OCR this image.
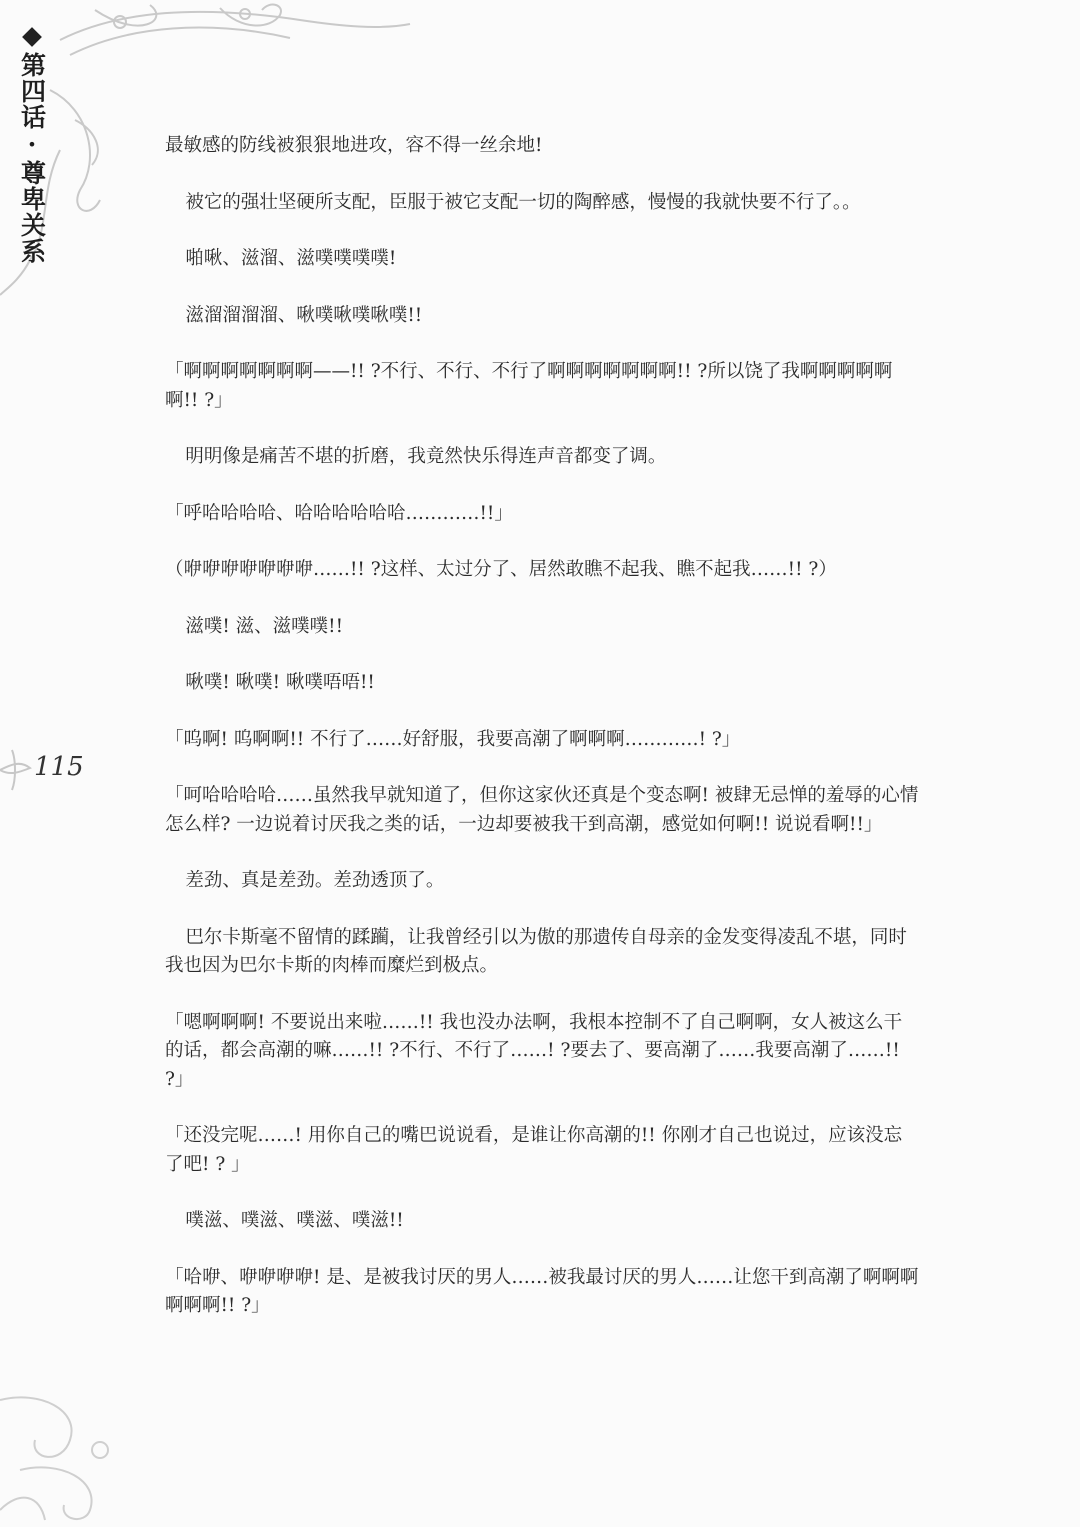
第四话·尊卑关系
115

最敏感的防线被狠狠地进攻，容不得一丝余地!

被它的强壮坚硬所支配，臣服于被它支配一切的陶醉感，慢慢的我就快要不行了。。

啪啾、滋溜、滋噗噗噗噗!

滋溜溜溜溜、啾噗啾噗啾噗!!

「啊啊啊啊啊啊啊——!! ?不行、不行、不行了啊啊啊啊啊啊啊!! ?所以饶了我啊啊啊啊啊啊!! ?」

明明像是痛苦不堪的折磨，我竟然快乐得连声音都变了调。

「呼哈哈哈哈、哈哈哈哈哈哈…………!!」

（咿咿咿咿咿咿咿……!! ?这样、太过分了、居然敢瞧不起我、瞧不起我……!! ?）

滋噗! 滋、滋噗噗!!

啾噗! 啾噗! 啾噗唔唔!!

「呜啊! 呜啊啊!! 不行了……好舒服，我要高潮了啊啊啊…………! ?」

「呵哈哈哈哈……虽然我早就知道了，但你这家伙还真是个变态啊! 被肆无忌惮的羞辱的心情怎么样? 一边说着讨厌我之类的话，一边却要被我干到高潮，感觉如何啊!! 说说看啊!!」

差劲、真是差劲。差劲透顶了。

巴尔卡斯毫不留情的蹂躏，让我曾经引以为傲的那遗传自母亲的金发变得凌乱不堪，同时我也因为巴尔卡斯的肉棒而糜烂到极点。

「嗯啊啊啊! 不要说出来啦……!! 我也没办法啊，我根本控制不了自己啊啊，女人被这么干的话，都会高潮的嘛……!! ?不行、不行了……! ?要去了、要高潮了……我要高潮了……!! ?」

「还没完呢……! 用你自己的嘴巴说说看，是谁让你高潮的!! 你刚才自己也说过，应该没忘了吧! ? 」

噗滋、噗滋、噗滋、噗滋!!

「哈咿、咿咿咿咿! 是、是被我讨厌的男人……被我最讨厌的男人……让您干到高潮了啊啊啊啊啊啊!! ?」
